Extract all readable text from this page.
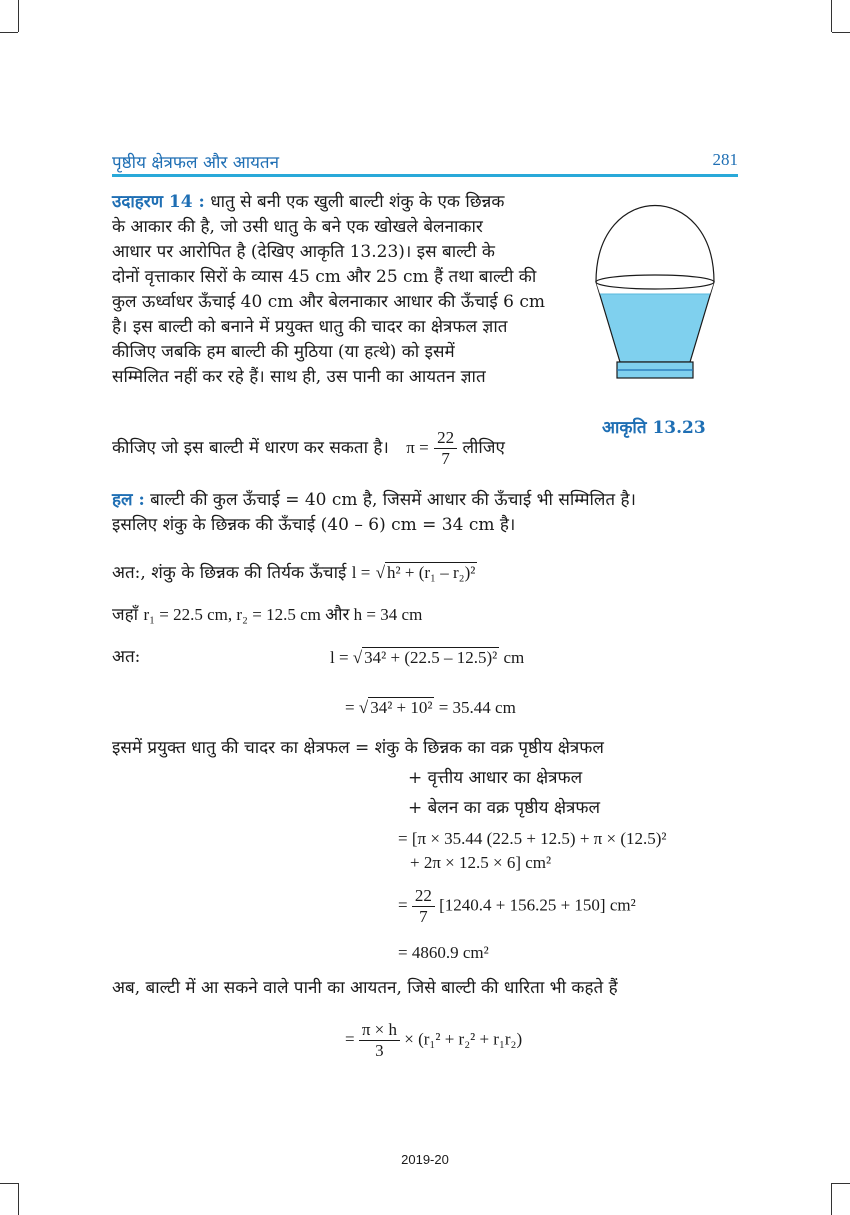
पृष्ठीय क्षेत्रफल और आयतन	281
उदाहरण 14 : धातु से बनी एक खुली बाल्टी शंकु के एक छिन्नक
के आकार की है, जो उसी धातु के बने एक खोखले बेलनाकार
आधार पर आरोपित है (देखिए आकृति 13.23)। इस बाल्टी के
दोनों वृत्ताकार सिरों के व्यास 45 cm और 25 cm हैं तथा बाल्टी की
कुल ऊर्ध्वाधर ऊँचाई 40 cm और बेलनाकार आधार की ऊँचाई 6 cm
है। इस बाल्टी को बनाने में प्रयुक्त धातु की चादर का क्षेत्रफल ज्ञात
कीजिए जबकि हम बाल्टी की मुठिया (या हत्थे) को इसमें
सम्मिलित नहीं कर रहे हैं। साथ ही, उस पानी का आयतन ज्ञात
कीजिए जो इस बाल्टी में धारण कर सकता है। $\pi = \frac{22}{7}$ लीजिए
आकृति 13.23
हल : बाल्टी की कुल ऊँचाई = 40 cm है, जिसमें आधार की ऊँचाई भी सम्मिलित है।
इसलिए शंकु के छिन्नक की ऊँचाई (40 – 6) cm = 34 cm है।
अत:, शंकु के छिन्नक की तिर्यक ऊँचाई l = √ h² + (r₁ – r₂)²
जहाँ r₁ = 22.5 cm, r₂ = 12.5 cm और h = 34 cm
अत:	l = √ 34² + (22.5 – 12.5)² cm
= √ 34² + 10² = 35.44 cm
इसमें प्रयुक्त धातु की चादर का क्षेत्रफल = शंकु के छिन्नक का वक्र पृष्ठीय क्षेत्रफल
+ वृत्तीय आधार का क्षेत्रफल
+ बेलन का वक्र पृष्ठीय क्षेत्रफल
= [π × 35.44 (22.5 + 12.5) + π × (12.5)²
+ 2π × 12.5 × 6] cm²
= $\frac{22}{7} [1240.4 + 156.25 + 150]$ cm²
= 4860.9 cm²
अब, बाल्टी में आ सकने वाले पानी का आयतन, जिसे बाल्टी की धारिता भी कहते हैं
= $\frac{\pi \times h}{3} \times (r_1^2 + r_2^2 + r_1r_2)$
2019-20
